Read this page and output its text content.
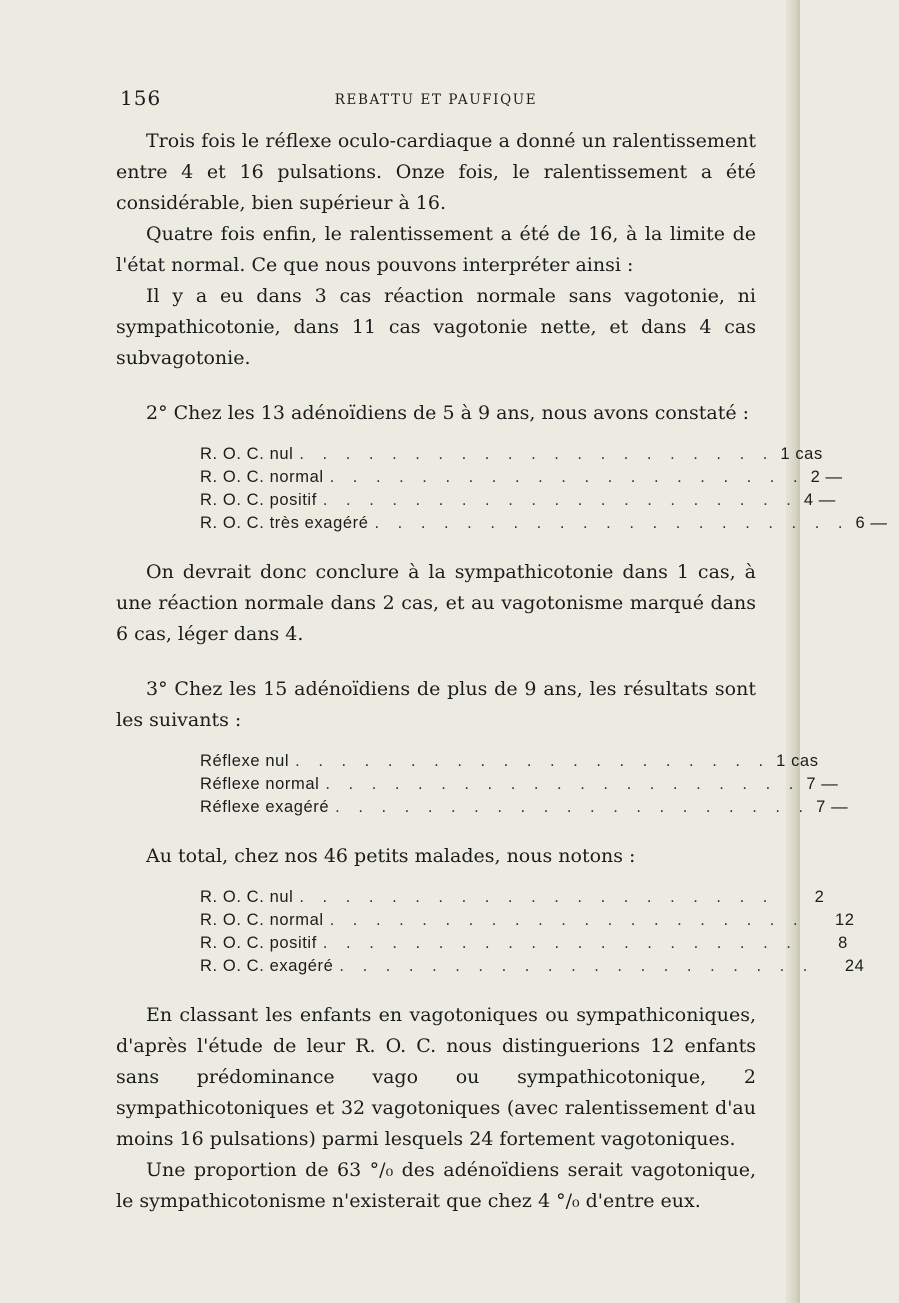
156	REBATTU ET PAUFIQUE

Trois fois le réflexe oculo-cardiaque a donné un ralentissement entre 4 et 16 pulsations. Onze fois, le ralentissement a été considérable, bien supérieur à 16.

Quatre fois enfin, le ralentissement a été de 16, à la limite de l'état normal. Ce que nous pouvons interpréter ainsi :

Il y a eu dans 3 cas réaction normale sans vagotonie, ni sympathicotonie, dans 11 cas vagotonie nette, et dans 4 cas subvagotonie.

2° Chez les 13 adénoïdiens de 5 à 9 ans, nous avons constaté :

R. O. C. nul . . . . . . . . . . . . . . . . . . . . . 1 cas
R. O. C. normal . . . . . . . . . . . . . . . . . . . . . 2 —
R. O. C. positif . . . . . . . . . . . . . . . . . . . . . 4 —
R. O. C. très exagéré . . . . . . . . . . . . . . . . . . . . . 6 —

On devrait donc conclure à la sympathicotonie dans 1 cas, à une réaction normale dans 2 cas, et au vagotonisme marqué dans 6 cas, léger dans 4.

3° Chez les 15 adénoïdiens de plus de 9 ans, les résultats sont les suivants :

Réflexe nul . . . . . . . . . . . . . . . . . . . . . 1 cas
Réflexe normal . . . . . . . . . . . . . . . . . . . . . 7 —
Réflexe exagéré . . . . . . . . . . . . . . . . . . . . . 7 —

Au total, chez nos 46 petits malades, nous notons :

R. O. C. nul . . . . . . . . . . . . . . . . . . . . .	2
R. O. C. normal . . . . . . . . . . . . . . . . . . . . .	12
R. O. C. positif . . . . . . . . . . . . . . . . . . . . .	8
R. O. C. exagéré . . . . . . . . . . . . . . . . . . . . .	24

En classant les enfants en vagotoniques ou sympathiconiques, d'après l'étude de leur R. O. C. nous distinguerions 12 enfants sans prédominance vago ou sympathicotonique, 2 sympathicotoniques et 32 vagotoniques (avec ralentissement d'au moins 16 pulsations) parmi lesquels 24 fortement vagotoniques.

Une proportion de 63 °/₀ des adénoïdiens serait vagotonique, le sympathicotonisme n'existerait que chez 4 °/₀ d'entre eux.
